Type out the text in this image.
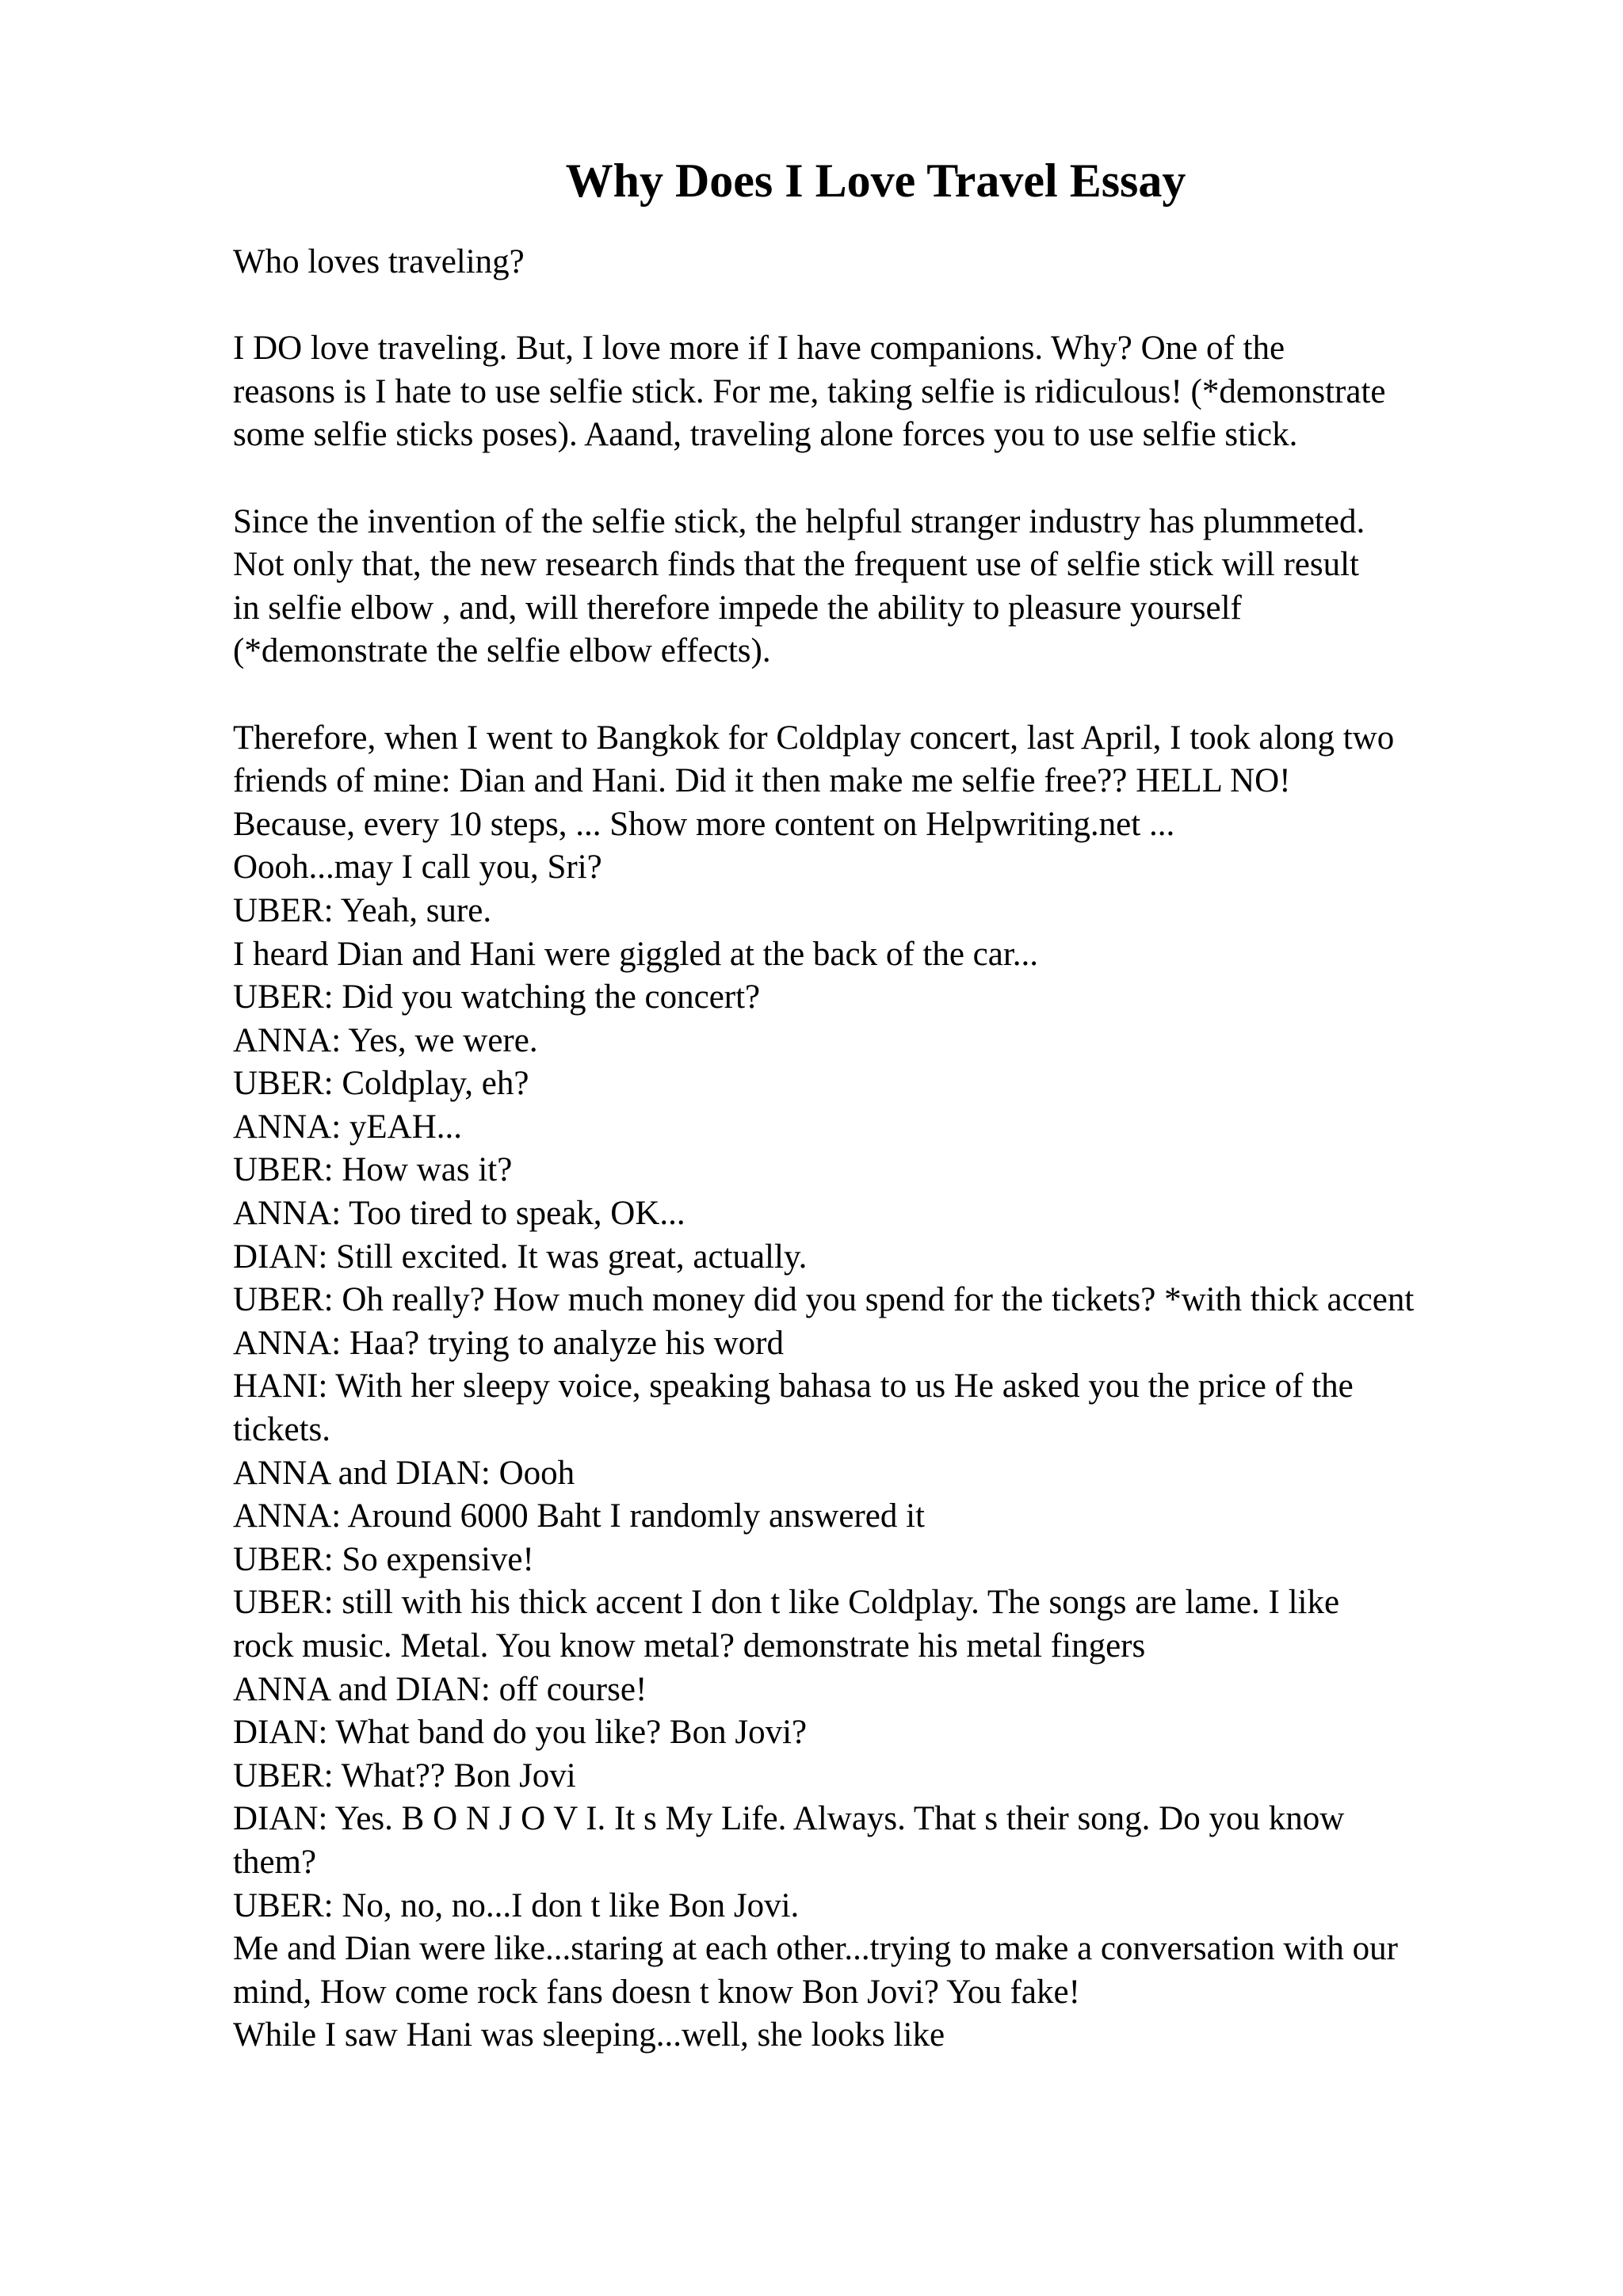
Why Does I Love Travel Essay
Who loves traveling?
I DO love traveling. But, I love more if I have companions. Why? One of the
reasons is I hate to use selfie stick. For me, taking selfie is ridiculous! (*demonstrate
some selfie sticks poses). Aaand, traveling alone forces you to use selfie stick.
Since the invention of the selfie stick, the helpful stranger industry has plummeted.
Not only that, the new research finds that the frequent use of selfie stick will result
in selfie elbow , and, will therefore impede the ability to pleasure yourself
(*demonstrate the selfie elbow effects).
Therefore, when I went to Bangkok for Coldplay concert, last April, I took along two
friends of mine: Dian and Hani. Did it then make me selfie free?? HELL NO!
Because, every 10 steps, ... Show more content on Helpwriting.net ...
Oooh...may I call you, Sri?
UBER: Yeah, sure.
I heard Dian and Hani were giggled at the back of the car...
UBER: Did you watching the concert?
ANNA: Yes, we were.
UBER: Coldplay, eh?
ANNA: yEAH...
UBER: How was it?
ANNA: Too tired to speak, OK...
DIAN: Still excited. It was great, actually.
UBER: Oh really? How much money did you spend for the tickets? *with thick accent
ANNA: Haa? trying to analyze his word
HANI: With her sleepy voice, speaking bahasa to us He asked you the price of the
tickets.
ANNA and DIAN: Oooh
ANNA: Around 6000 Baht I randomly answered it
UBER: So expensive!
UBER: still with his thick accent I don t like Coldplay. The songs are lame. I like
rock music. Metal. You know metal? demonstrate his metal fingers
ANNA and DIAN: off course!
DIAN: What band do you like? Bon Jovi?
UBER: What?? Bon Jovi
DIAN: Yes. B O N J O V I. It s My Life. Always. That s their song. Do you know
them?
UBER: No, no, no...I don t like Bon Jovi.
Me and Dian were like...staring at each other...trying to make a conversation with our
mind, How come rock fans doesn t know Bon Jovi? You fake!
While I saw Hani was sleeping...well, she looks like
